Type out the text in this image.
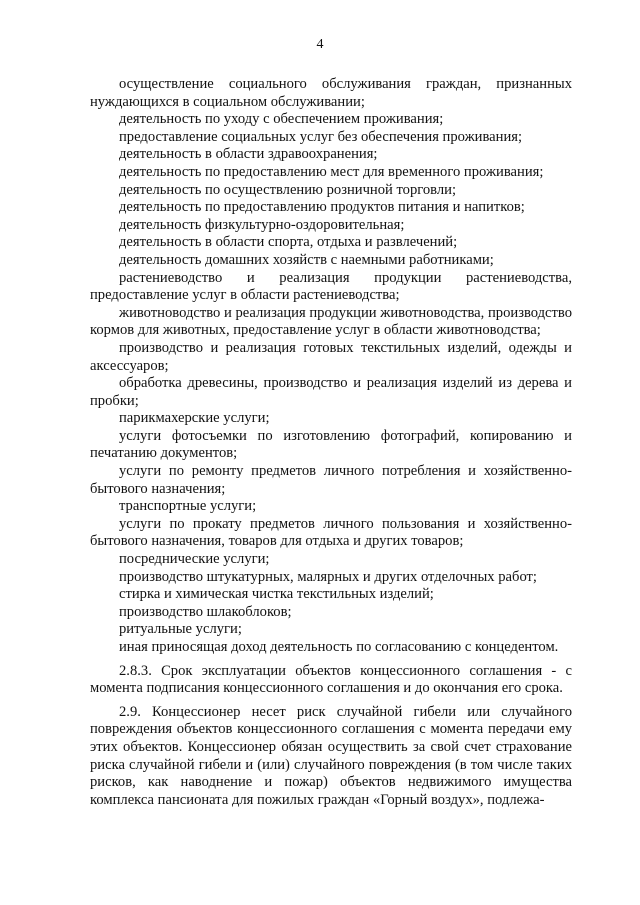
4

осуществление социального обслуживания граждан, признанных нуждающихся в социальном обслуживании;

деятельность по уходу с обеспечением проживания;

предоставление социальных услуг без обеспечения проживания;

деятельность в области здравоохранения;

деятельность по предоставлению мест для временного проживания;

деятельность по осуществлению розничной торговли;

деятельность по предоставлению продуктов питания и напитков;

деятельность физкультурно-оздоровительная;

деятельность в области спорта, отдыха и развлечений;

деятельность домашних хозяйств с наемными работниками;

растениеводство и реализация продукции растениеводства, предоставление услуг в области растениеводства;

животноводство и реализация продукции животноводства, производство кормов для животных, предоставление услуг в области животноводства;

производство и реализация готовых текстильных изделий, одежды и аксессуаров;

обработка древесины, производство и реализация изделий из дерева и пробки;

парикмахерские услуги;

услуги фотосъемки по изготовлению фотографий, копированию и печатанию документов;

услуги по ремонту предметов личного потребления и хозяйственно-бытового назначения;

транспортные услуги;

услуги по прокату предметов личного пользования и хозяйственно-бытового назначения, товаров для отдыха и других товаров;

посреднические услуги;

производство штукатурных, малярных и других отделочных работ;

стирка и химическая чистка текстильных изделий;

производство шлакоблоков;

ритуальные услуги;

иная приносящая доход деятельность по согласованию с концедентом.

2.8.3. Срок эксплуатации объектов концессионного соглашения - с момента подписания концессионного соглашения и до окончания его срока.

2.9. Концессионер несет риск случайной гибели или случайного повреждения объектов концессионного соглашения с момента передачи ему этих объектов. Концессионер обязан осуществить за свой счет страхование риска случайной гибели и (или) случайного повреждения (в том числе таких рисков, как наводнение и пожар) объектов недвижимого имущества комплекса пансионата для пожилых граждан «Горный воздух», подлежа-
